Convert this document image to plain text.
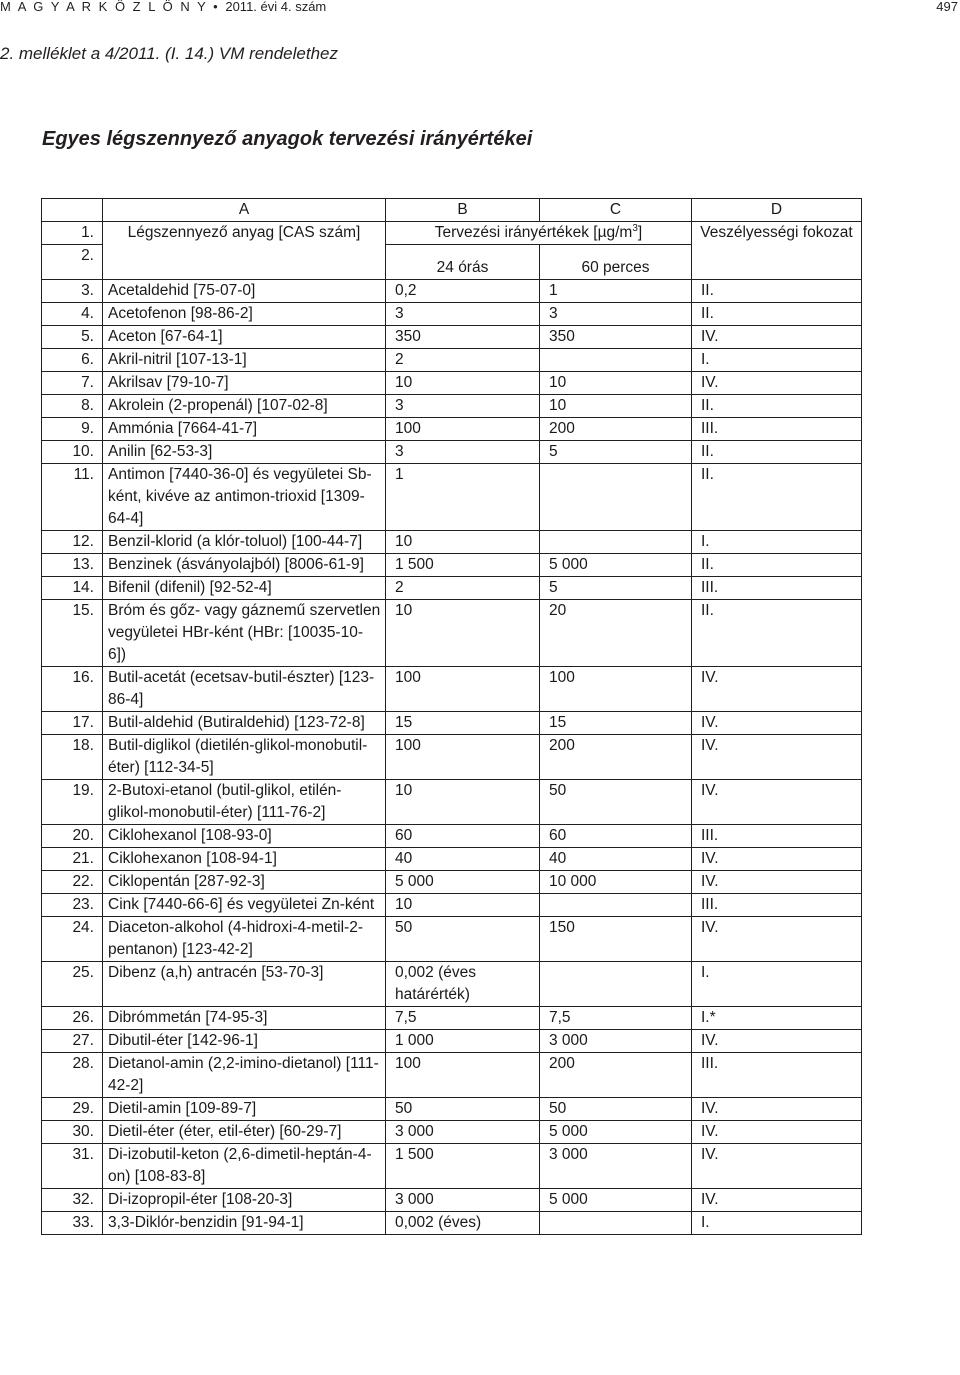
M A G Y A R K Ö Z L Ö N Y • 2011. évi 4. szám	497
2. melléklet a 4/2011. (I. 14.) VM rendelethez
Egyes légszennyező anyagok tervezési irányértékei
	A	B	C	D
1.	Légszennyező anyag [CAS szám]	Tervezési irányértékek $[\mu g/m^3]$		Veszélyességi fokozat
2.		24 órás	60 perces	
3.	Acetaldehid [75-07-0]	0,2	1	II.
4.	Acetofenon [98-86-2]	3	3	II.
5.	Aceton [67-64-1]	350	350	IV.
6.	Akril-nitril [107-13-1]	2		I.
7.	Akrilsav [79-10-7]	10	10	IV.
8.	Akrolein (2-propenál) [107-02-8]	3	10	II.
9.	Ammónia [7664-41-7]	100	200	III.
10.	Anilin [62-53-3]	3	5	II.
11.	Antimon [7440-36-0] és vegyületei Sb-ként, kivéve az antimon-trioxid [1309-64-4]	1		II.
12.	Benzil-klorid (a klór-toluol) [100-44-7]	10		I.
13.	Benzinek (ásványolajból) [8006-61-9]	1 500	5 000	II.
14.	Bifenil (difenil) [92-52-4]	2	5	III.
15.	Bróm és gőz- vagy gáznemű szervetlen vegyületei HBr-ként (HBr: [10035-10-6])	10	20	II.
16.	Butil-acetát (ecetsav-butil-észter) [123-86-4]	100	100	IV.
17.	Butil-aldehid (Butiraldehid) [123-72-8]	15	15	IV.
18.	Butil-diglikol (dietilén-glikol-monobutil-éter) [112-34-5]	100	200	IV.
19.	2-Butoxi-etanol (butil-glikol, etilén-glikol-monobutil-éter) [111-76-2]	10	50	IV.
20.	Ciklohexanol [108-93-0]	60	60	III.
21.	Ciklohexanon [108-94-1]	40	40	IV.
22.	Ciklopentán [287-92-3]	5 000	10 000	IV.
23.	Cink [7440-66-6] és vegyületei Zn-ként	10		III.
24.	Diaceton-alkohol (4-hidroxi-4-metil-2-pentanon) [123-42-2]	50	150	IV.
25.	Dibenz (a,h) antracén [53-70-3]	0,002 (éves határérték)		I.
26.	Dibrómmetán [74-95-3]	7,5	7,5	I.*
27.	Dibutil-éter [142-96-1]	1 000	3 000	IV.
28.	Dietanol-amin (2,2-imino-dietanol) [111-42-2]	100	200	III.
29.	Dietil-amin [109-89-7]	50	50	IV.
30.	Dietil-éter (éter, etil-éter) [60-29-7]	3 000	5 000	IV.
31.	Di-izobutil-keton (2,6-dimetil-heptán-4-on) [108-83-8]	1 500	3 000	IV.
32.	Di-izopropil-éter [108-20-3]	3 000	5 000	IV.
33.	3,3-Diklór-benzidin [91-94-1]	0,002 (éves)		I.
